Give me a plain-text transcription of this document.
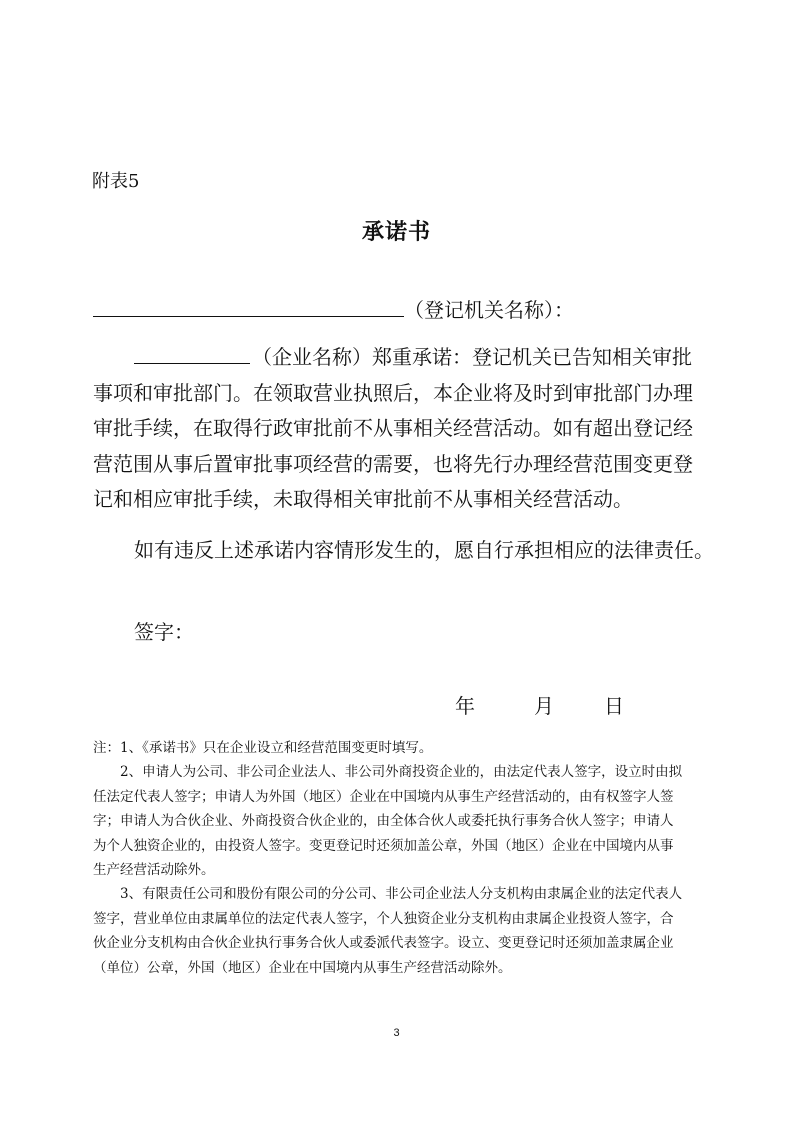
附表5
承诺书
（登记机关名称）：
（企业名称）郑重承诺：登记机关已告知相关审批
事项和审批部门。在领取营业执照后，本企业将及时到审批部门办理
审批手续，在取得行政审批前不从事相关经营活动。如有超出登记经
营范围从事后置审批事项经营的需要，也将先行办理经营范围变更登
记和相应审批手续，未取得相关审批前不从事相关经营活动。
如有违反上述承诺内容情形发生的，愿自行承担相应的法律责任。
签字：
年	月	日
注：1、《承诺书》只在企业设立和经营范围变更时填写。
2、申请人为公司、非公司企业法人、非公司外商投资企业的，由法定代表人签字，设立时由拟
任法定代表人签字；申请人为外国（地区）企业在中国境内从事生产经营活动的，由有权签字人签
字；申请人为合伙企业、外商投资合伙企业的，由全体合伙人或委托执行事务合伙人签字；申请人
为个人独资企业的，由投资人签字。变更登记时还须加盖公章，外国（地区）企业在中国境内从事
生产经营活动除外。
3、有限责任公司和股份有限公司的分公司、非公司企业法人分支机构由隶属企业的法定代表人
签字，营业单位由隶属单位的法定代表人签字，个人独资企业分支机构由隶属企业投资人签字，合
伙企业分支机构由合伙企业执行事务合伙人或委派代表签字。设立、变更登记时还须加盖隶属企业
（单位）公章，外国（地区）企业在中国境内从事生产经营活动除外。
3
